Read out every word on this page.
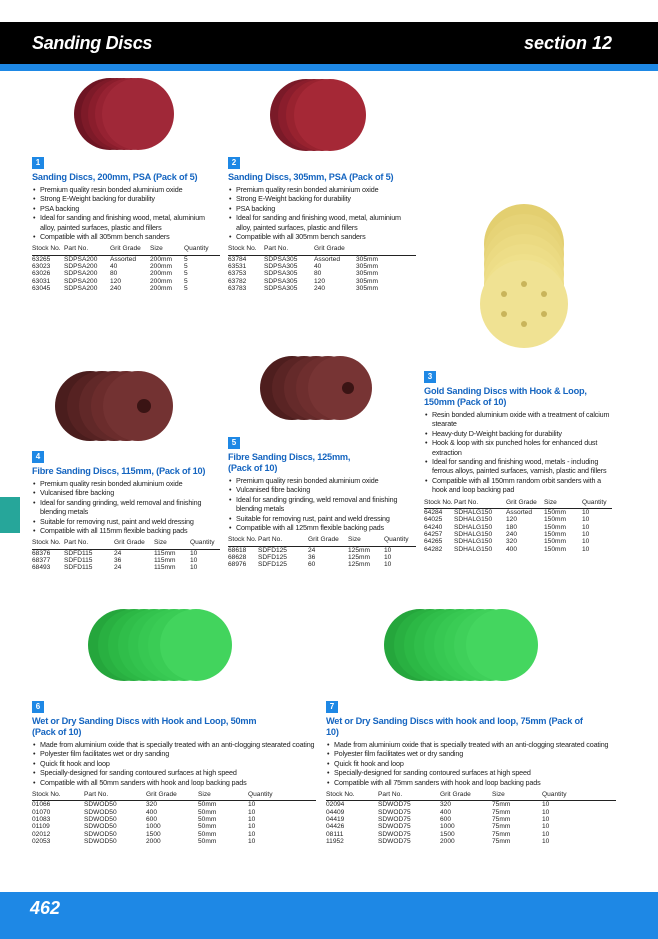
Sanding Discs	section 12
1
Sanding Discs, 200mm, PSA (Pack of 5)
• Premium quality resin bonded aluminium oxide
• Strong E-Weight backing for durability
• PSA backing
• Ideal for sanding and finishing wood, metal, aluminium alloy, painted surfaces, plastic and fillers
• Compatible with all 305mm bench sanders
Stock No.	Part No.	Grit Grade	Size	Quantity
63265	SDPSA200	Assorted	200mm	5
63023	SDPSA200	40	200mm	5
63026	SDPSA200	80	200mm	5
63031	SDPSA200	120	200mm	5
63045	SDPSA200	240	200mm	5
2
Sanding Discs, 305mm, PSA (Pack of 5)
• Premium quality resin bonded aluminium oxide
• Strong E-Weight backing for durability
• PSA backing
• Ideal for sanding and finishing wood, metal, aluminium alloy, painted surfaces, plastic and fillers
• Compatible with all 305mm bench sanders
Stock No.	Part No.	Grit Grade		
63784	SDPSA305	Assorted	305mm	
63531	SDPSA305	40	305mm	
63753	SDPSA305	80	305mm	
63782	SDPSA305	120	305mm	
63783	SDPSA305	240	305mm	
3
Gold Sanding Discs with Hook & Loop, 150mm (Pack of 10)
• Resin bonded aluminium oxide with a treatment of calcium stearate
• Heavy-duty D-Weight backing for durability
• Hook & loop with six punched holes for enhanced dust extraction
• Ideal for sanding and finishing wood, metals - including ferrous alloys, painted surfaces, varnish, plastic and fillers
• Compatible with all 150mm random orbit sanders with a hook and loop backing pad
Stock No.	Part No.	Grit Grade	Size	Quantity
64284	SDHALG150	Assorted	150mm	10
64025	SDHALG150	120	150mm	10
64240	SDHALG150	180	150mm	10
64257	SDHALG150	240	150mm	10
64265	SDHALG150	320	150mm	10
64282	SDHALG150	400	150mm	10
4
Fibre Sanding Discs, 115mm, (Pack of 10)
• Premium quality resin bonded aluminium oxide
• Vulcanised fibre backing
• Ideal for sanding grinding, weld removal and finishing blending metals
• Suitable for removing rust, paint and weld dressing
• Compatible with all 115mm flexible backing pads
Stock No.	Part No.	Grit Grade	Size	Quantity
68376	SDFD115	24	115mm	10
68377	SDFD115	36	115mm	10
68493	SDFD115	24	115mm	10
5
Fibre Sanding Discs, 125mm, (Pack of 10)
• Premium quality resin bonded aluminium oxide
• Vulcanised fibre backing
• Ideal for sanding grinding, weld removal and finishing blending metals
• Suitable for removing rust, paint and weld dressing
• Compatible with all 125mm flexible backing pads
Stock No.	Part No.	Grit Grade	Size	Quantity
68618	SDFD125	24	125mm	10
68628	SDFD125	36	125mm	10
68976	SDFD125	60	125mm	10
6
Wet or Dry Sanding Discs with Hook and Loop, 50mm (Pack of 10)
• Made from aluminium oxide that is specially treated with an anti-clogging stearated coating
• Polyester film facilitates wet or dry sanding
• Quick fit hook and loop
• Specially-designed for sanding contoured surfaces at high speed
• Compatible with all 50mm sanders with hook and loop backing pads
Stock No.	Part No.	Grit Grade	Size	Quantity
01066	SDWOD50	320	50mm	10
01070	SDWOD50	400	50mm	10
01083	SDWOD50	600	50mm	10
01109	SDWOD50	1000	50mm	10
02012	SDWOD50	1500	50mm	10
02053	SDWOD50	2000	50mm	10
7
Wet or Dry Sanding Discs with hook and loop, 75mm (Pack of 10)
• Made from aluminium oxide that is specially treated with an anti-clogging stearated coating
• Polyester film facilitates wet or dry sanding
• Quick fit hook and loop
• Specially-designed for sanding contoured surfaces at high speed
• Compatible with all 75mm sanders with hook and loop backing pads
Stock No.	Part No.	Grit Grade	Size	Quantity
02094	SDWOD75	320	75mm	10
04409	SDWOD75	400	75mm	10
04419	SDWOD75	600	75mm	10
04426	SDWOD75	1000	75mm	10
08111	SDWOD75	1500	75mm	10
11952	SDWOD75	2000	75mm	10
462
